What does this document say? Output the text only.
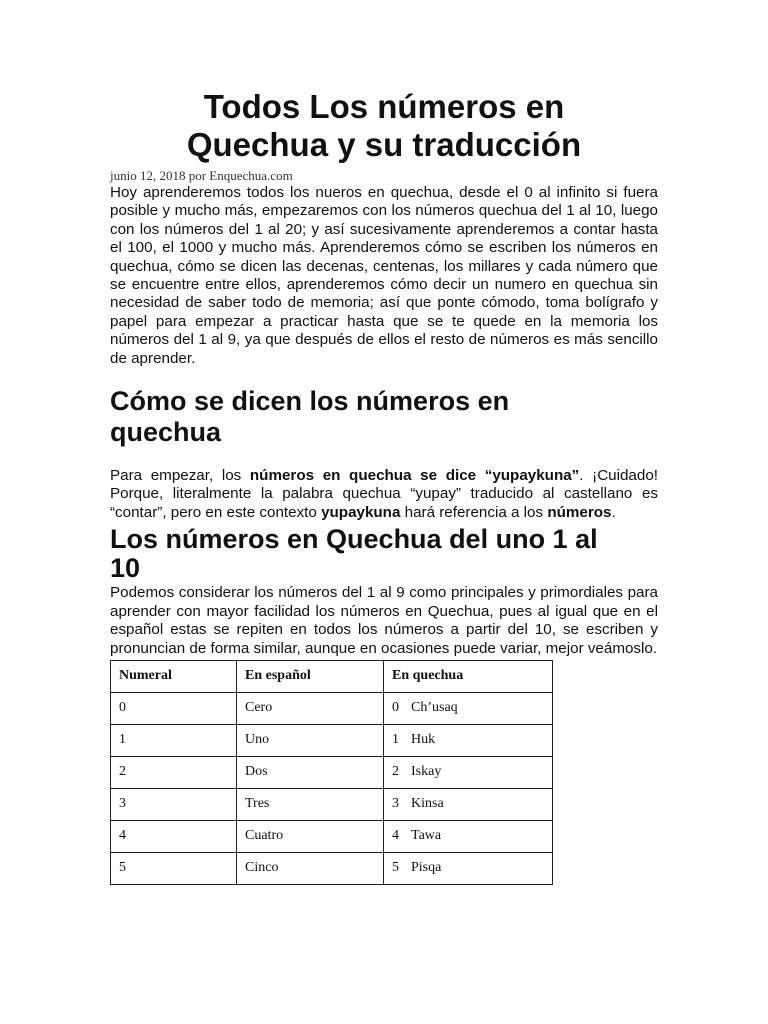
Todos Los números en
Quechua y su traducción
junio 12, 2018 por Enquechua.com

Hoy aprenderemos todos los nueros en quechua, desde el 0 al infinito si fuera posible y mucho más, empezaremos con los números quechua del 1 al 10, luego con los números del 1 al 20; y así sucesivamente aprenderemos a contar hasta el 100, el 1000 y mucho más. Aprenderemos cómo se escriben los números en quechua, cómo se dicen las decenas, centenas, los millares y cada número que se encuentre entre ellos, aprenderemos cómo decir un numero en quechua sin necesidad de saber todo de memoria; así que ponte cómodo, toma bolígrafo y papel para empezar a practicar hasta que se te quede en la memoria los números del 1 al 9, ya que después de ellos el resto de números es más sencillo de aprender.

Cómo se dicen los números en
quechua

Para empezar, los números en quechua se dice “yupaykuna”. ¡Cuidado! Porque, literalmente la palabra quechua “yupay” traducido al castellano es “contar”, pero en este contexto yupaykuna hará referencia a los números.

Los números en Quechua del uno 1 al
10

Podemos considerar los números del 1 al 9 como principales y primordiales para aprender con mayor facilidad los números en Quechua, pues al igual que en el español estas se repiten en todos los números a partir del 10, se escriben y pronuncian de forma similar, aunque en ocasiones puede variar, mejor veámoslo.

Numeral	En español	En quechua
0	Cero	0 Ch’usaq
1	Uno	1 Huk
2	Dos	2 Iskay
3	Tres	3 Kinsa
4	Cuatro	4 Tawa
5	Cinco	5 Pisqa
